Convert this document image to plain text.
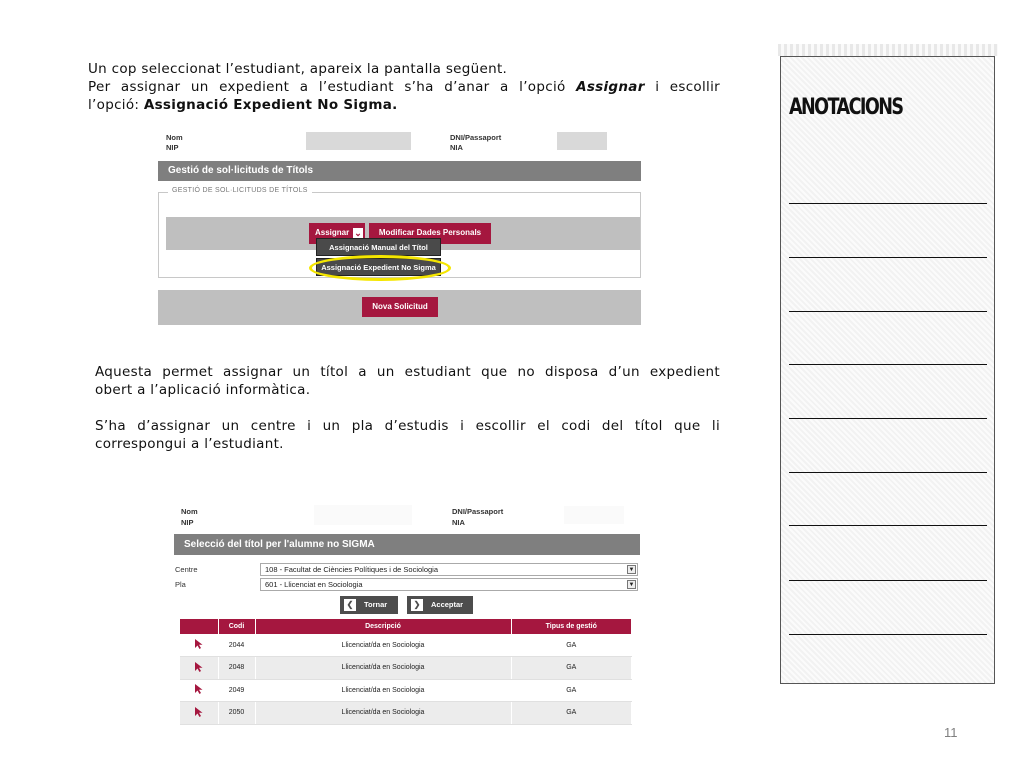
Un cop seleccionat l’estudiant, apareix la pantalla següent.
Per assignar un expedient a l’estudiant s’ha d’anar a l’opció Assignar i escollir
l’opció: Assignació Expedient No Sigma.
Nom
NIP
DNI/Passaport
NIA
Gestió de sol·licituds de Títols
GESTIÓ DE SOL·LICITUDS DE TÍTOLS
Assignar ⌄	Modificar Dades Personals
Assignació Manual del Títol
Assignació Expedient No Sigma
Nova Solicitud
Aquesta permet assignar un títol a un estudiant que no disposa d’un expedient
obert a l’aplicació informàtica.
S’ha d’assignar un centre i un pla d’estudis i escollir el codi del títol que li
correspongui a l’estudiant.
Nom
NIP
DNI/Passaport
NIA
Selecció del títol per l'alumne no SIGMA
Centre	108 - Facultat de Ciències Polítiques i de Sociologia	▼
Pla	601 - Llicenciat en Sociologia	▼
❮	Tornar	❯	Acceptar
	Codi	Descripció	Tipus de gestió
	2044	Llicenciat/da en Sociologia	GA
	2048	Llicenciat/da en Sociologia	GA
	2049	Llicenciat/da en Sociologia	GA
	2050	Llicenciat/da en Sociologia	GA
ANOTACIONS
11
